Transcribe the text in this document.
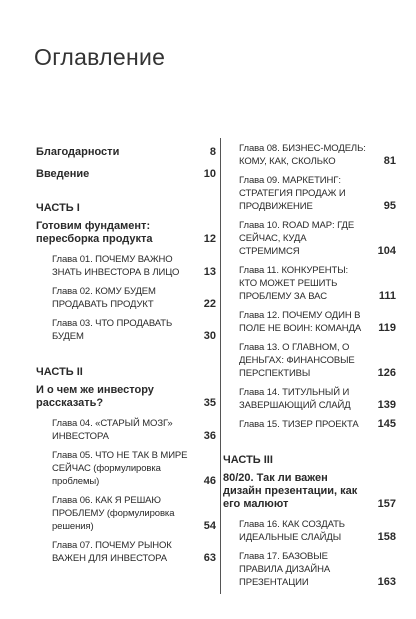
Оглавление
Благодарности	8
Введение	10
ЧАСТЬ I
Готовим фундамент: пересборка продукта	12
Глава 01. ПОЧЕМУ ВАЖНО ЗНАТЬ ИНВЕСТОРА В ЛИЦО	13
Глава 02. КОМУ БУДЕМ ПРОДАВАТЬ ПРОДУКТ	22
Глава 03. ЧТО ПРОДАВАТЬ БУДЕМ	30
ЧАСТЬ II
И о чем же инвестору рассказать?	35
Глава 04. «СТАРЫЙ МОЗГ» ИНВЕСТОРА	36
Глава 05. ЧТО НЕ ТАК В МИРЕ СЕЙЧАС (формулировка проблемы)	46
Глава 06. КАК Я РЕШАЮ ПРОБЛЕМУ (формулировка решения)	54
Глава 07. ПОЧЕМУ РЫНОК ВАЖЕН ДЛЯ ИНВЕСТОРА	63
Глава 08. БИЗНЕС-МОДЕЛЬ: КОМУ, КАК, СКОЛЬКО	81
Глава 09. МАРКЕТИНГ: СТРАТЕГИЯ ПРОДАЖ И ПРОДВИЖЕНИЕ	95
Глава 10. ROAD MAP: ГДЕ СЕЙЧАС, КУДА СТРЕМИМСЯ	104
Глава 11. КОНКУРЕНТЫ: КТО МОЖЕТ РЕШИТЬ ПРОБЛЕМУ ЗА ВАС	111
Глава 12. ПОЧЕМУ ОДИН В ПОЛЕ НЕ ВОИН: КОМАНДА	119
Глава 13. О ГЛАВНОМ, О ДЕНЬГАХ: ФИНАНСОВЫЕ ПЕРСПЕКТИВЫ	126
Глава 14. ТИТУЛЬНЫЙ И ЗАВЕРШАЮЩИЙ СЛАЙД	139
Глава 15. ТИЗЕР ПРОЕКТА	145
ЧАСТЬ III
80/20. Так ли важен дизайн презентации, как его малюют	157
Глава 16. КАК СОЗДАТЬ ИДЕАЛЬНЫЕ СЛАЙДЫ	158
Глава 17. БАЗОВЫЕ ПРАВИЛА ДИЗАЙНА ПРЕЗЕНТАЦИИ	163
